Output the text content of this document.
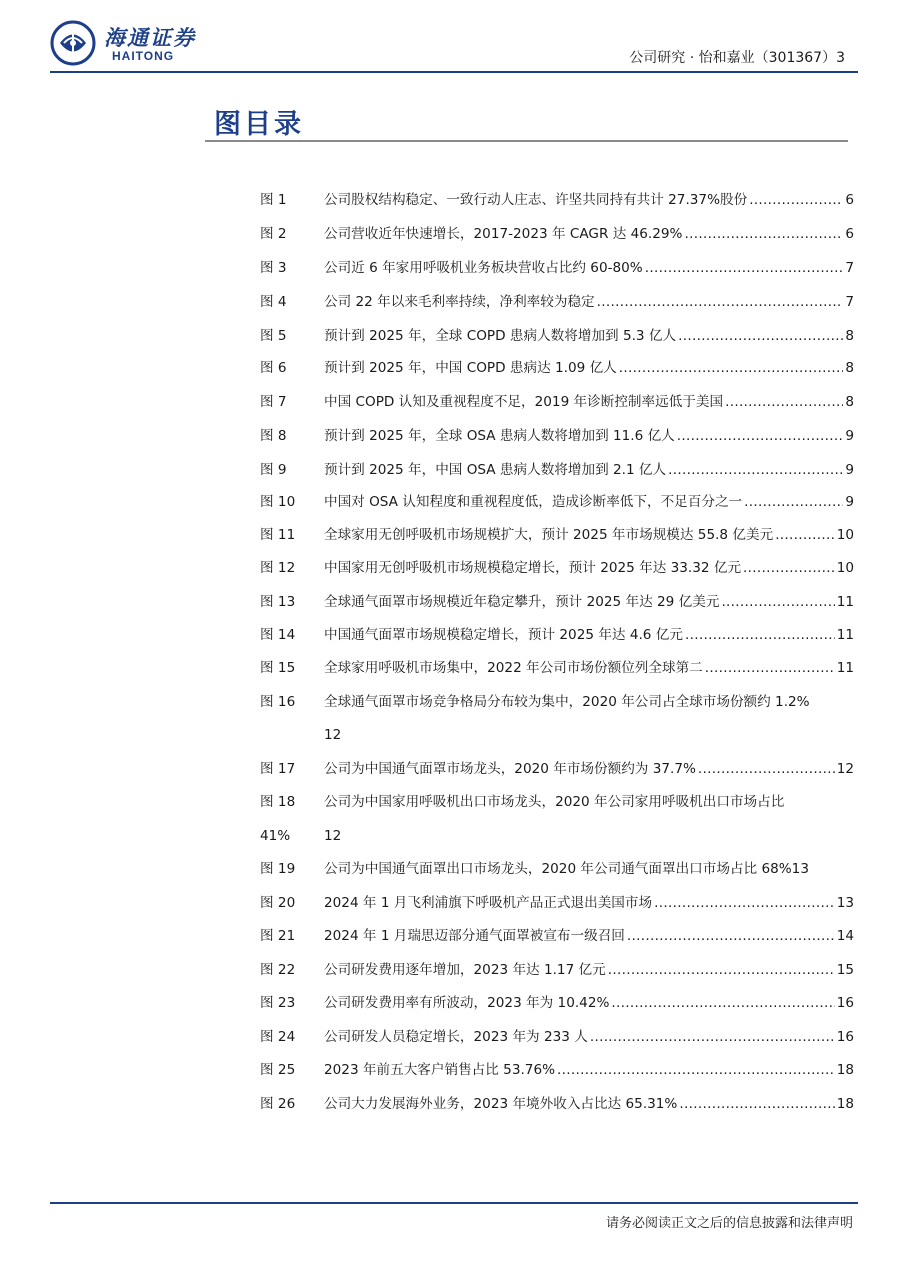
海通证券
HAITONG	公司研究 · 怡和嘉业（301367）3
图目录
图 1	公司股权结构稳定、一致行动人庄志、许坚共同持有共计 27.37%股份 .....	6
图 2	公司营收近年快速增长，2017-2023 年 CAGR 达 46.29% .....	6
图 3	公司近 6 年家用呼吸机业务板块营收占比约 60-80% .....	7
图 4	公司 22 年以来毛利率持续，净利率较为稳定 .....	7
图 5	预计到 2025 年，全球 COPD 患病人数将增加到 5.3 亿人 .....	8
图 6	预计到 2025 年，中国 COPD 患病达 1.09 亿人 .....	8
图 7	中国 COPD 认知及重视程度不足，2019 年诊断控制率远低于美国 .....	8
图 8	预计到 2025 年，全球 OSA 患病人数将增加到 11.6 亿人 .....	9
图 9	预计到 2025 年，中国 OSA 患病人数将增加到 2.1 亿人 .....	9
图 10 中国对 OSA 认知程度和重视程度低，造成诊断率低下，不足百分之一 .....	9
图 11 全球家用无创呼吸机市场规模扩大，预计 2025 年市场规模达 55.8 亿美元 .....	10
图 12 中国家用无创呼吸机市场规模稳定增长，预计 2025 年达 33.32 亿元 .....	10
图 13 全球通气面罩市场规模近年稳定攀升，预计 2025 年达 29 亿美元 .....	11
图 14 中国通气面罩市场规模稳定增长，预计 2025 年达 4.6 亿元 .....	11
图 15 全球家用呼吸机市场集中，2022 年公司市场份额位列全球第二 .....	11
图 16 全球通气面罩市场竞争格局分布较为集中，2020 年公司占全球市场份额约 1.2%
12
图 17 公司为中国通气面罩市场龙头，2020 年市场份额约为 37.7% .....	12
图 18 公司为中国家用呼吸机出口市场龙头，2020 年公司家用呼吸机出口市场占比
41% 12
图 19 公司为中国通气面罩出口市场龙头，2020 年公司通气面罩出口市场占比 68% 13
图 20 2024 年 1 月飞利浦旗下呼吸机产品正式退出美国市场 .....	13
图 21 2024 年 1 月瑞思迈部分通气面罩被宣布一级召回 .....	14
图 22 公司研发费用逐年增加，2023 年达 1.17 亿元 .....	15
图 23 公司研发费用率有所波动，2023 年为 10.42% .....	16
图 24 公司研发人员稳定增长，2023 年为 233 人 .....	16
图 25 2023 年前五大客户销售占比 53.76% .....	18
图 26 公司大力发展海外业务，2023 年境外收入占比达 65.31% .....	18
请务必阅读正文之后的信息披露和法律声明
